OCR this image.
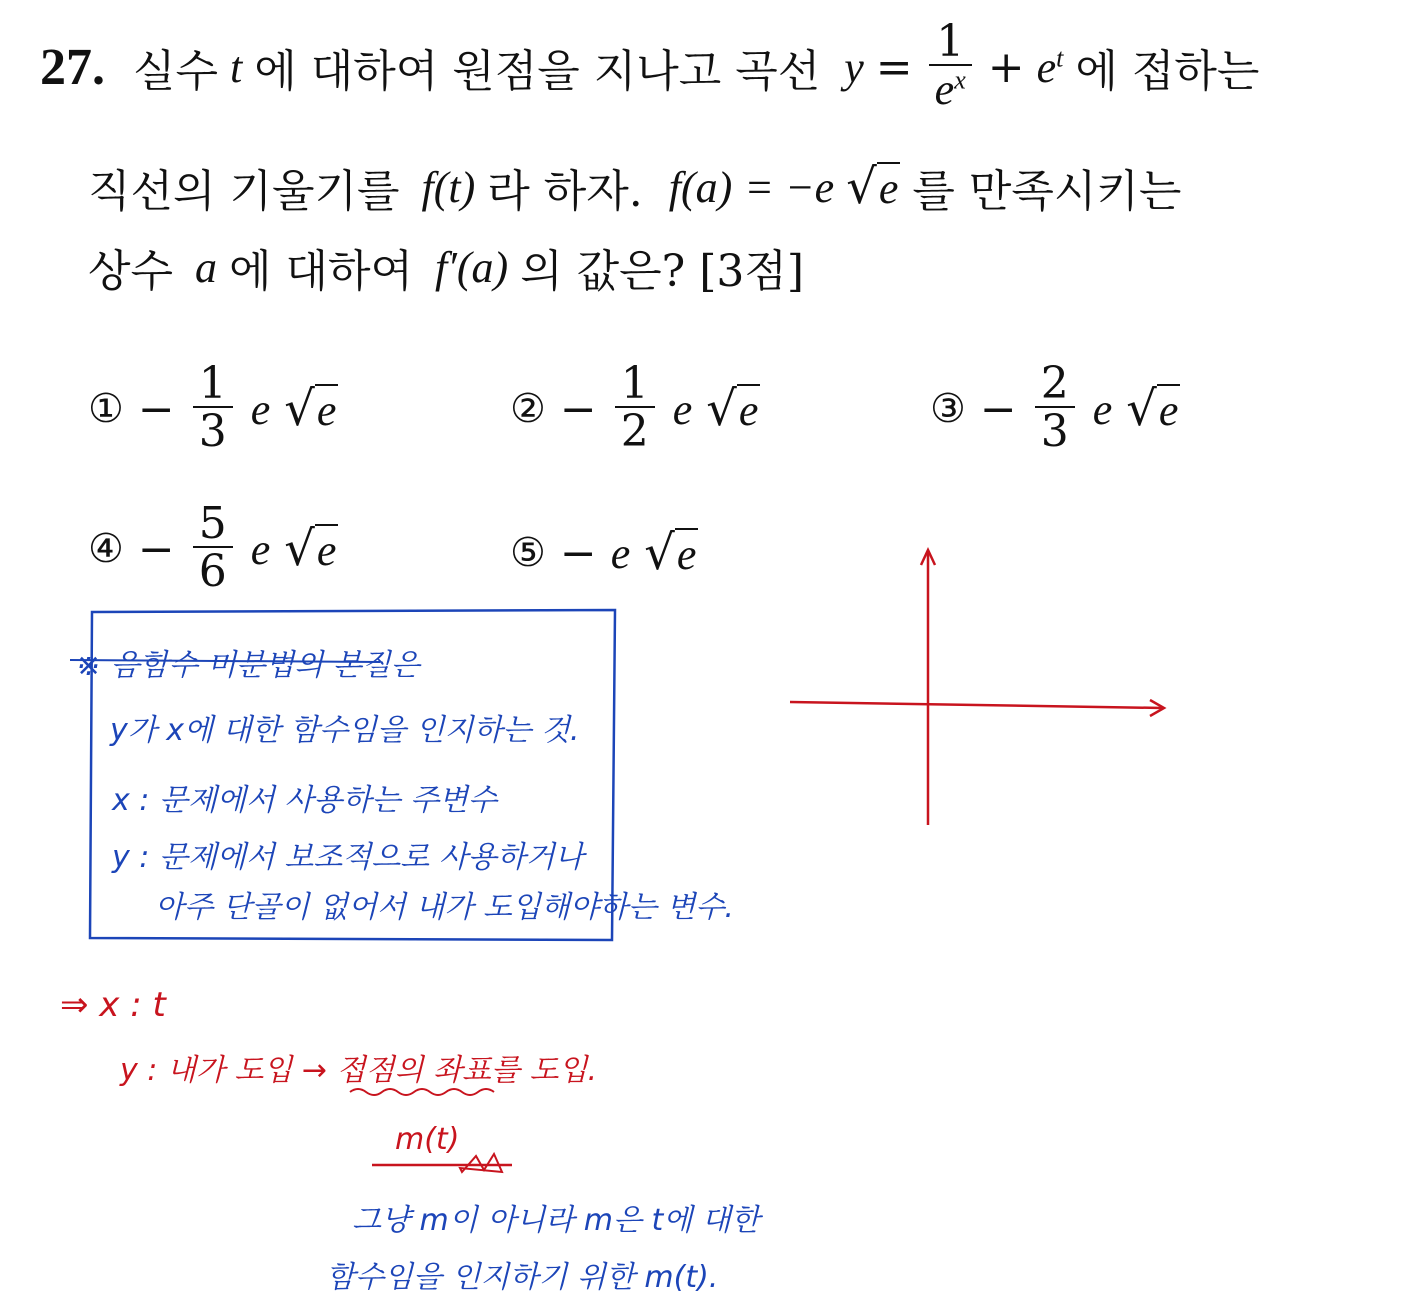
27. 실수 t 에 대하여 원점을 지나고 곡선 $y = \frac{1}{e^x} + e^t$ 에 접하는
직선의 기울기를 f(t) 라 하자. f(a) = −e √e 를 만족시키는
상수 a 에 대하여 f′(a) 의 값은? [3점]
① − $\frac{1}{3}$ e √e	② − $\frac{1}{2}$ e √e	③ − $\frac{2}{3}$ e √e
④ − $\frac{5}{6}$ e √e	⑤ − e √e
※ 음함수 미분법의 본질은
y가 x에 대한 함수임을 인지하는 것.
x : 문제에서 사용하는 주변수
y : 문제에서 보조적으로 사용하거나
아주 단골이 없어서 내가 도입해야하는 변수.
⇒ x : t
y : 내가 도입 → 접점의 좌표를 도입.
m(t)
그냥 m이 아니라 m은 t에 대한
함수임을 인지하기 위한 m(t).
